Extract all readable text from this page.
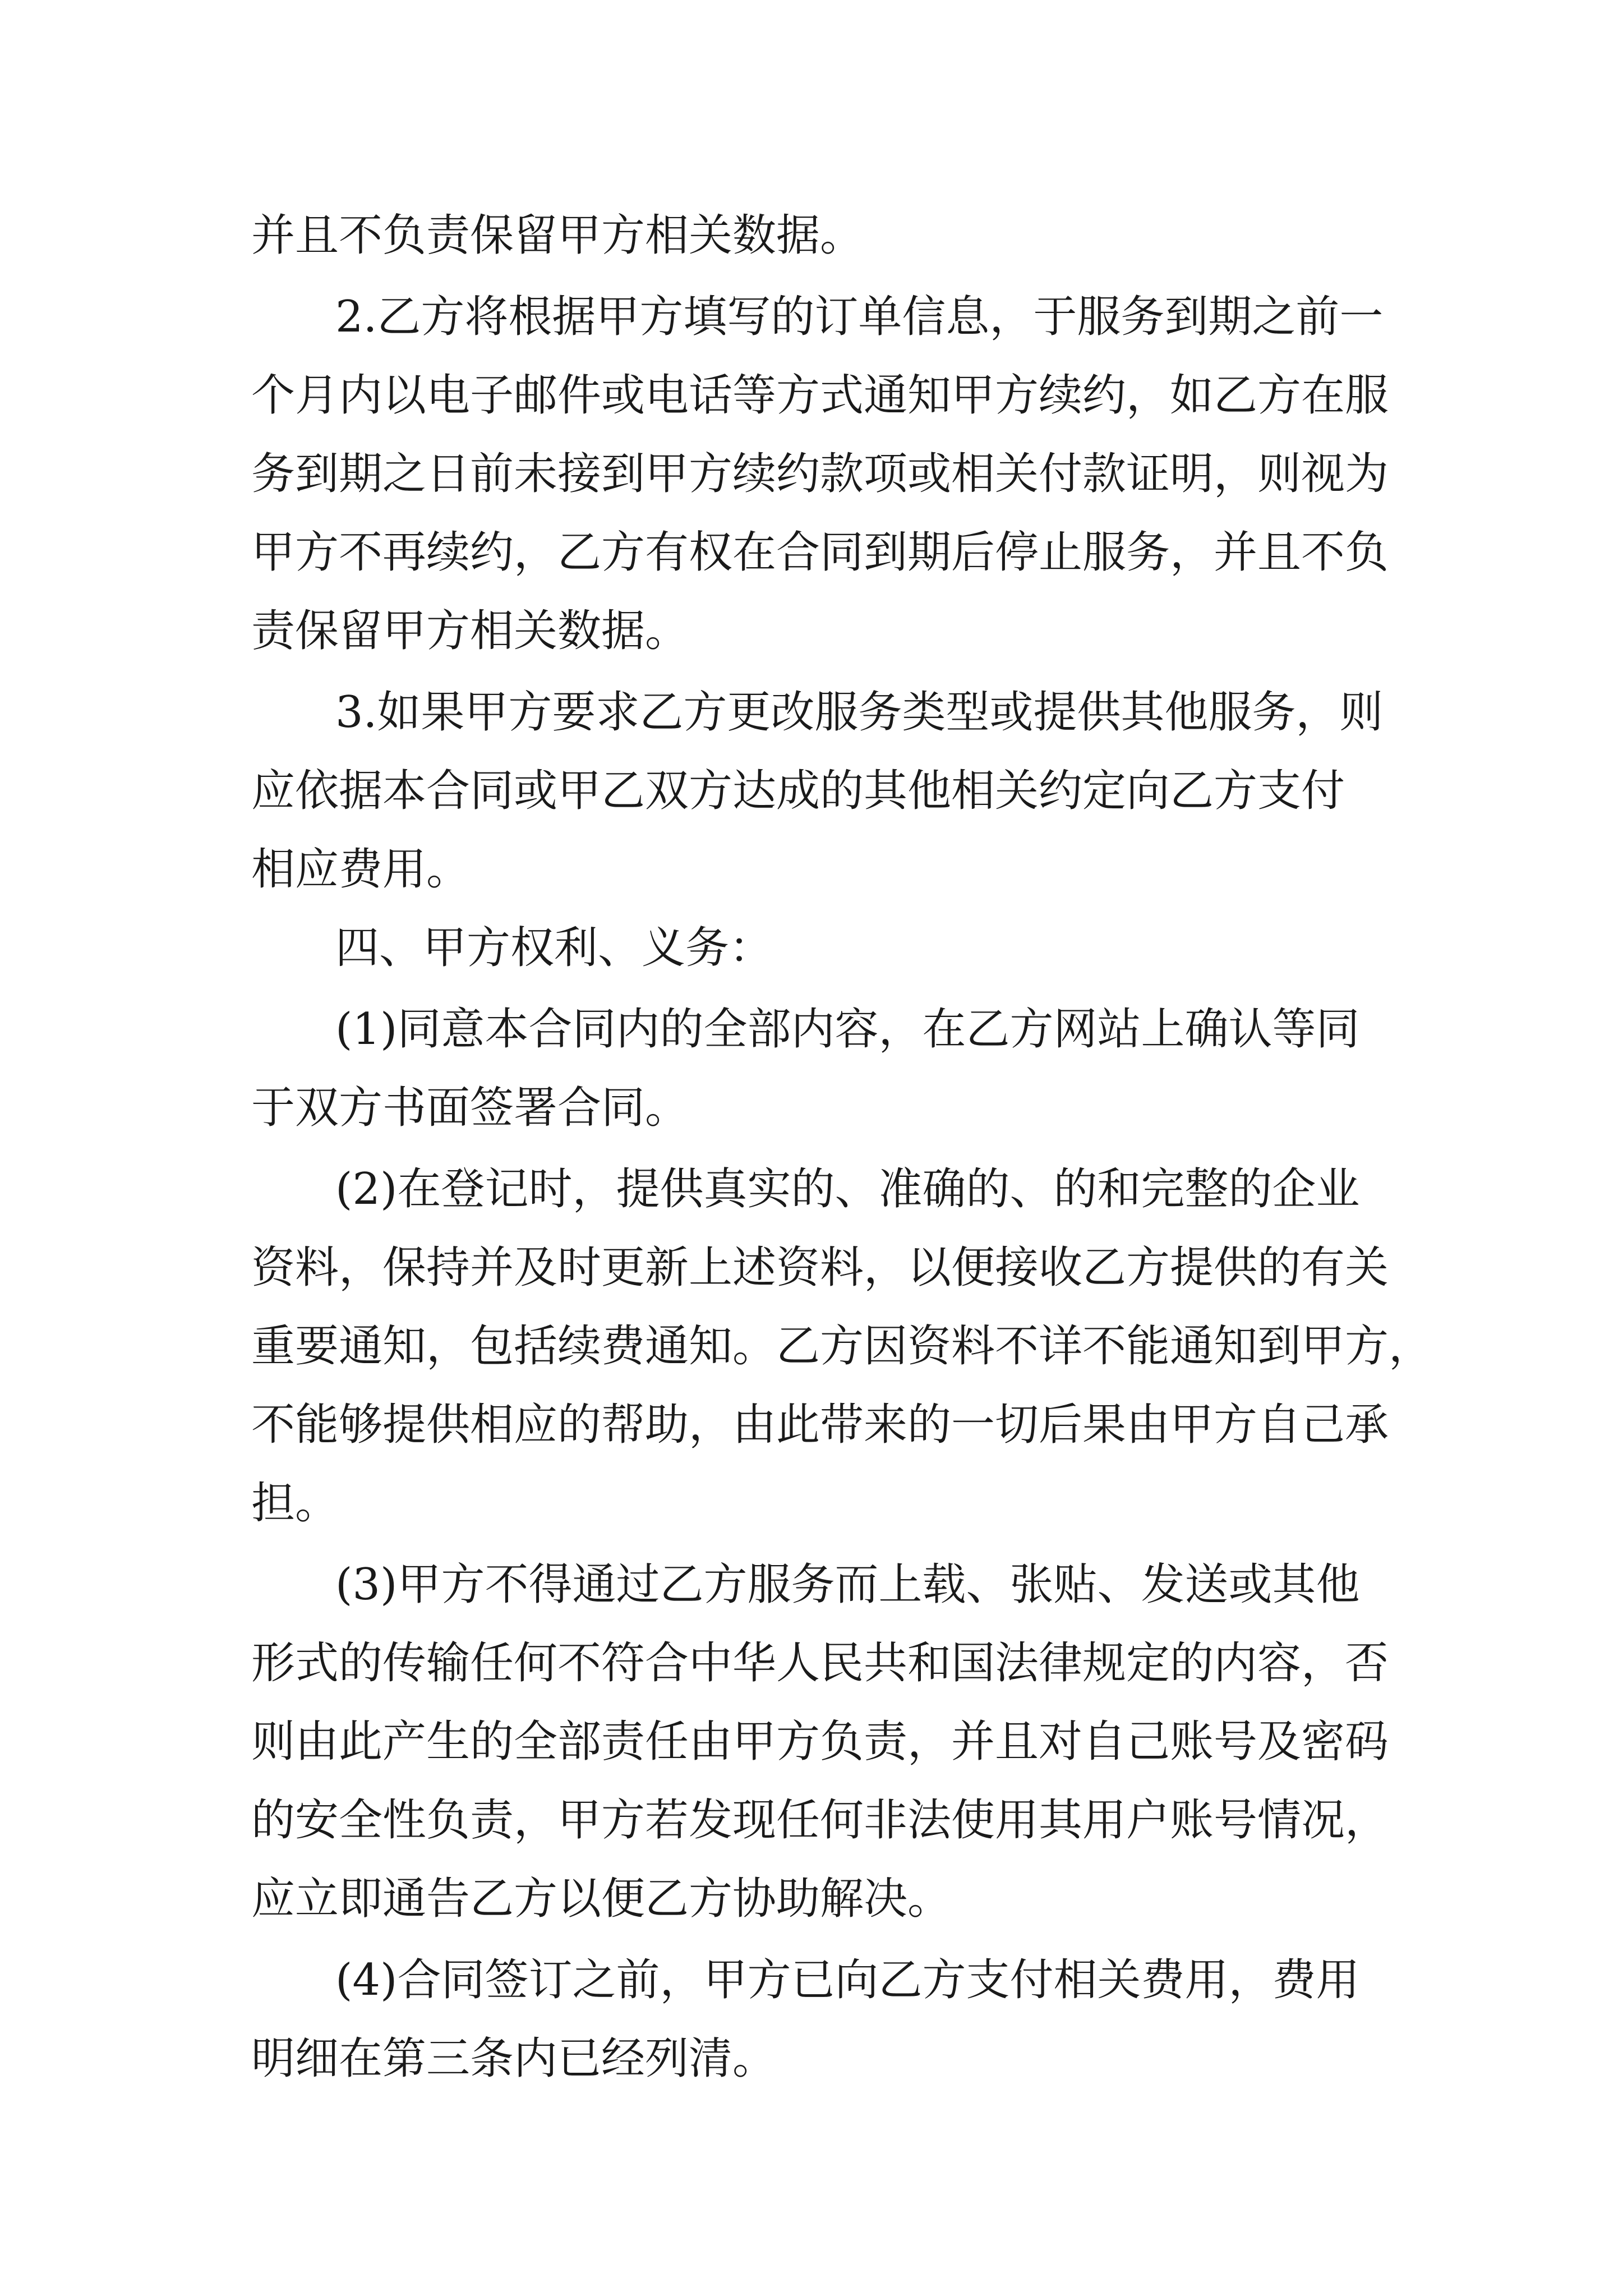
并且不负责保留甲方相关数据。
2.乙方将根据甲方填写的订单信息，于服务到期之前一
个月内以电子邮件或电话等方式通知甲方续约，如乙方在服
务到期之日前未接到甲方续约款项或相关付款证明，则视为
甲方不再续约，乙方有权在合同到期后停止服务，并且不负
责保留甲方相关数据。
3.如果甲方要求乙方更改服务类型或提供其他服务，则
应依据本合同或甲乙双方达成的其他相关约定向乙方支付
相应费用。
四、甲方权利、义务：
(1)同意本合同内的全部内容，在乙方网站上确认等同
于双方书面签署合同。
(2)在登记时，提供真实的、准确的、的和完整的企业
资料，保持并及时更新上述资料，以便接收乙方提供的有关
重要通知，包括续费通知。乙方因资料不详不能通知到甲方，
不能够提供相应的帮助，由此带来的一切后果由甲方自己承
担。
(3)甲方不得通过乙方服务而上载、张贴、发送或其他
形式的传输任何不符合中华人民共和国法律规定的内容，否
则由此产生的全部责任由甲方负责，并且对自己账号及密码
的安全性负责，甲方若发现任何非法使用其用户账号情况，
应立即通告乙方以便乙方协助解决。
(4)合同签订之前，甲方已向乙方支付相关费用，费用
明细在第三条内已经列清。
